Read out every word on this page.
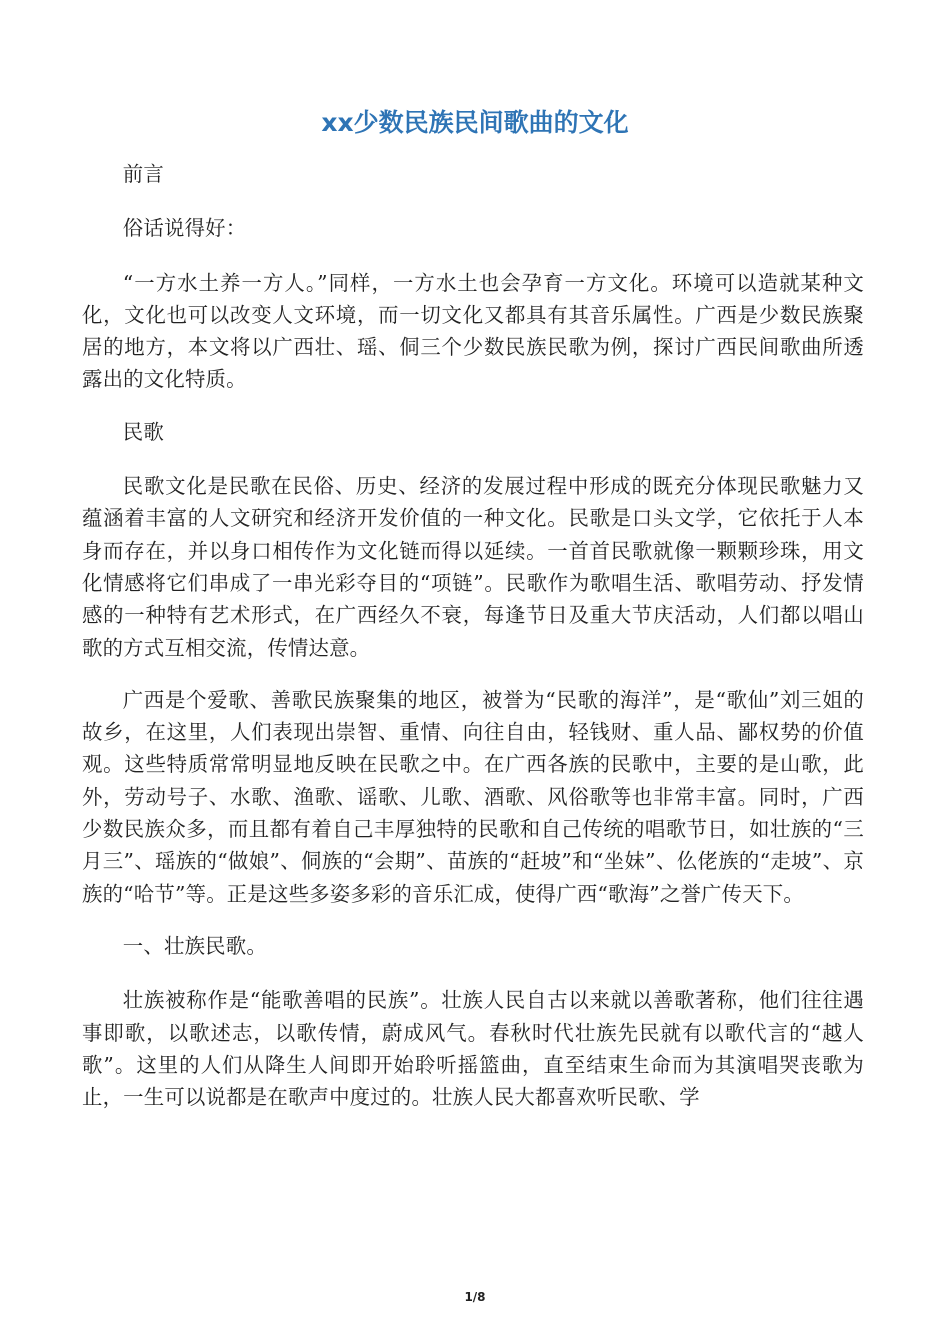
xx少数民族民间歌曲的文化

前言

俗话说得好：

“一方水土养一方人。”同样，一方水土也会孕育一方文化。环境可以造就某种文化，文化也可以改变人文环境，而一切文化又都具有其音乐属性。广西是少数民族聚居的地方，本文将以广西壮、瑶、侗三个少数民族民歌为例，探讨广西民间歌曲所透露出的文化特质。

民歌

民歌文化是民歌在民俗、历史、经济的发展过程中形成的既充分体现民歌魅力又蕴涵着丰富的人文研究和经济开发价值的一种文化。民歌是口头文学，它依托于人本身而存在，并以身口相传作为文化链而得以延续。一首首民歌就像一颗颗珍珠，用文化情感将它们串成了一串光彩夺目的“项链”。民歌作为歌唱生活、歌唱劳动、抒发情感的一种特有艺术形式，在广西经久不衰，每逢节日及重大节庆活动，人们都以唱山歌的方式互相交流，传情达意。

广西是个爱歌、善歌民族聚集的地区，被誉为“民歌的海洋”，是“歌仙”刘三姐的故乡，在这里，人们表现出崇智、重情、向往自由，轻钱财、重人品、鄙权势的价值观。这些特质常常明显地反映在民歌之中。在广西各族的民歌中，主要的是山歌，此外，劳动号子、水歌、渔歌、谣歌、儿歌、酒歌、风俗歌等也非常丰富。同时，广西少数民族众多，而且都有着自己丰厚独特的民歌和自己传统的唱歌节日，如壮族的“三月三”、瑶族的“做娘”、侗族的“会期”、苗族的“赶坡”和“坐妹”、仫佬族的“走坡”、京族的“哈节”等。正是这些多姿多彩的音乐汇成，使得广西“歌海”之誉广传天下。

一、壮族民歌。

壮族被称作是“能歌善唱的民族”。壮族人民自古以来就以善歌著称，他们往往遇事即歌，以歌述志，以歌传情，蔚成风气。春秋时代壮族先民就有以歌代言的“越人歌”。这里的人们从降生人间即开始聆听摇篮曲，直至结束生命而为其演唱哭丧歌为止，一生可以说都是在歌声中度过的。壮族人民大都喜欢听民歌、学

1/8
